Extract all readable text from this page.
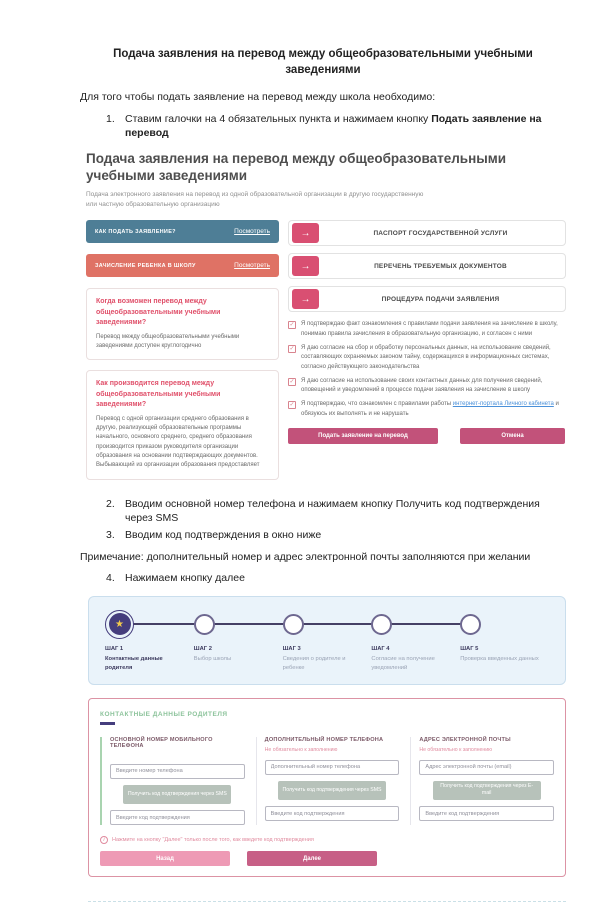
Подача заявления на перевод между общеобразовательными учебными заведениями
Для того чтобы подать заявление на перевод между школа необходимо:
1. Ставим галочки на 4 обязательных пункта и нажимаем кнопку Подать заявление на перевод
Подача заявления на перевод между общеобразовательными учебными заведениями
Подача электронного заявления на перевод из одной образовательной организации в другую государственную или частную образовательную организацию
КАК ПОДАТЬ ЗАЯВЛЕНИЕ?	Посмотреть
ЗАЧИСЛЕНИЕ РЕБЕНКА В ШКОЛУ	Посмотреть
Когда возможен перевод между общеобразовательными учебными заведениями?
Перевод между общеобразовательными учебными заведениями доступен круглогодично
Как производится перевод между общеобразовательными учебными заведениями?
Перевод с одной организации среднего образования в другую, реализующей образовательные программы начального, основного среднего, среднего образования производится приказом руководителя организации образования на основании подтверждающих документов. Выбывающий из организации образования предоставляет
→	ПАСПОРТ ГОСУДАРСТВЕННОЙ УСЛУГИ
→	ПЕРЕЧЕНЬ ТРЕБУЕМЫХ ДОКУМЕНТОВ
→	ПРОЦЕДУРА ПОДАЧИ ЗАЯВЛЕНИЯ
✓ Я подтверждаю факт ознакомления с правилами подачи заявления на зачисление в школу, понимаю правила зачисления в образовательную организацию, и согласен с ними
✓ Я даю согласие на сбор и обработку персональных данных, на использование сведений, составляющих охраняемых законом тайну, содержащихся в информационных системах, согласно действующего законодательства
✓ Я даю согласие на использование своих контактных данных для получения сведений, оповещений и уведомлений в процессе подачи заявления на зачисление в школу
✓ Я подтверждаю, что ознакомлен с правилами работы интернет-портала Личного кабинета и обязуюсь их выполнять и не нарушать
Подать заявление на перевод	Отмена
2. Вводим основной номер телефона и нажимаем кнопку Получить код подтверждения через SMS
3. Вводим код подтверждения в окно ниже
Примечание: дополнительный номер и адрес электронной почты заполняются при желании
4. Нажимаем кнопку далее
★
ШАГ 1
Контактные данные родителя
ШАГ 2
Выбор школы
ШАГ 3
Сведения о родителе и ребенке
ШАГ 4
Согласие на получение уведомлений
ШАГ 5
Проверка введенных данных
КОНТАКТНЫЕ ДАННЫЕ РОДИТЕЛЯ
ОСНОВНОЙ НОМЕР МОБИЛЬНОГО ТЕЛЕФОНА
Введите номер телефона
Получить код подтверждения через SMS
Введите код подтверждения
ДОПОЛНИТЕЛЬНЫЙ НОМЕР ТЕЛЕФОНА
Не обязательно к заполнению
Дополнительный номер телефона
Получить код подтверждения через SMS
Введите код подтверждения
АДРЕС ЭЛЕКТРОННОЙ ПОЧТЫ
Не обязательно к заполнению
Адрес электронной почты (email)
Получить код подтверждения через E-mail
Введите код подтверждения
i	Нажмите на кнопку "Далее" только после того, как введете код подтверждения
Назад	Далее
